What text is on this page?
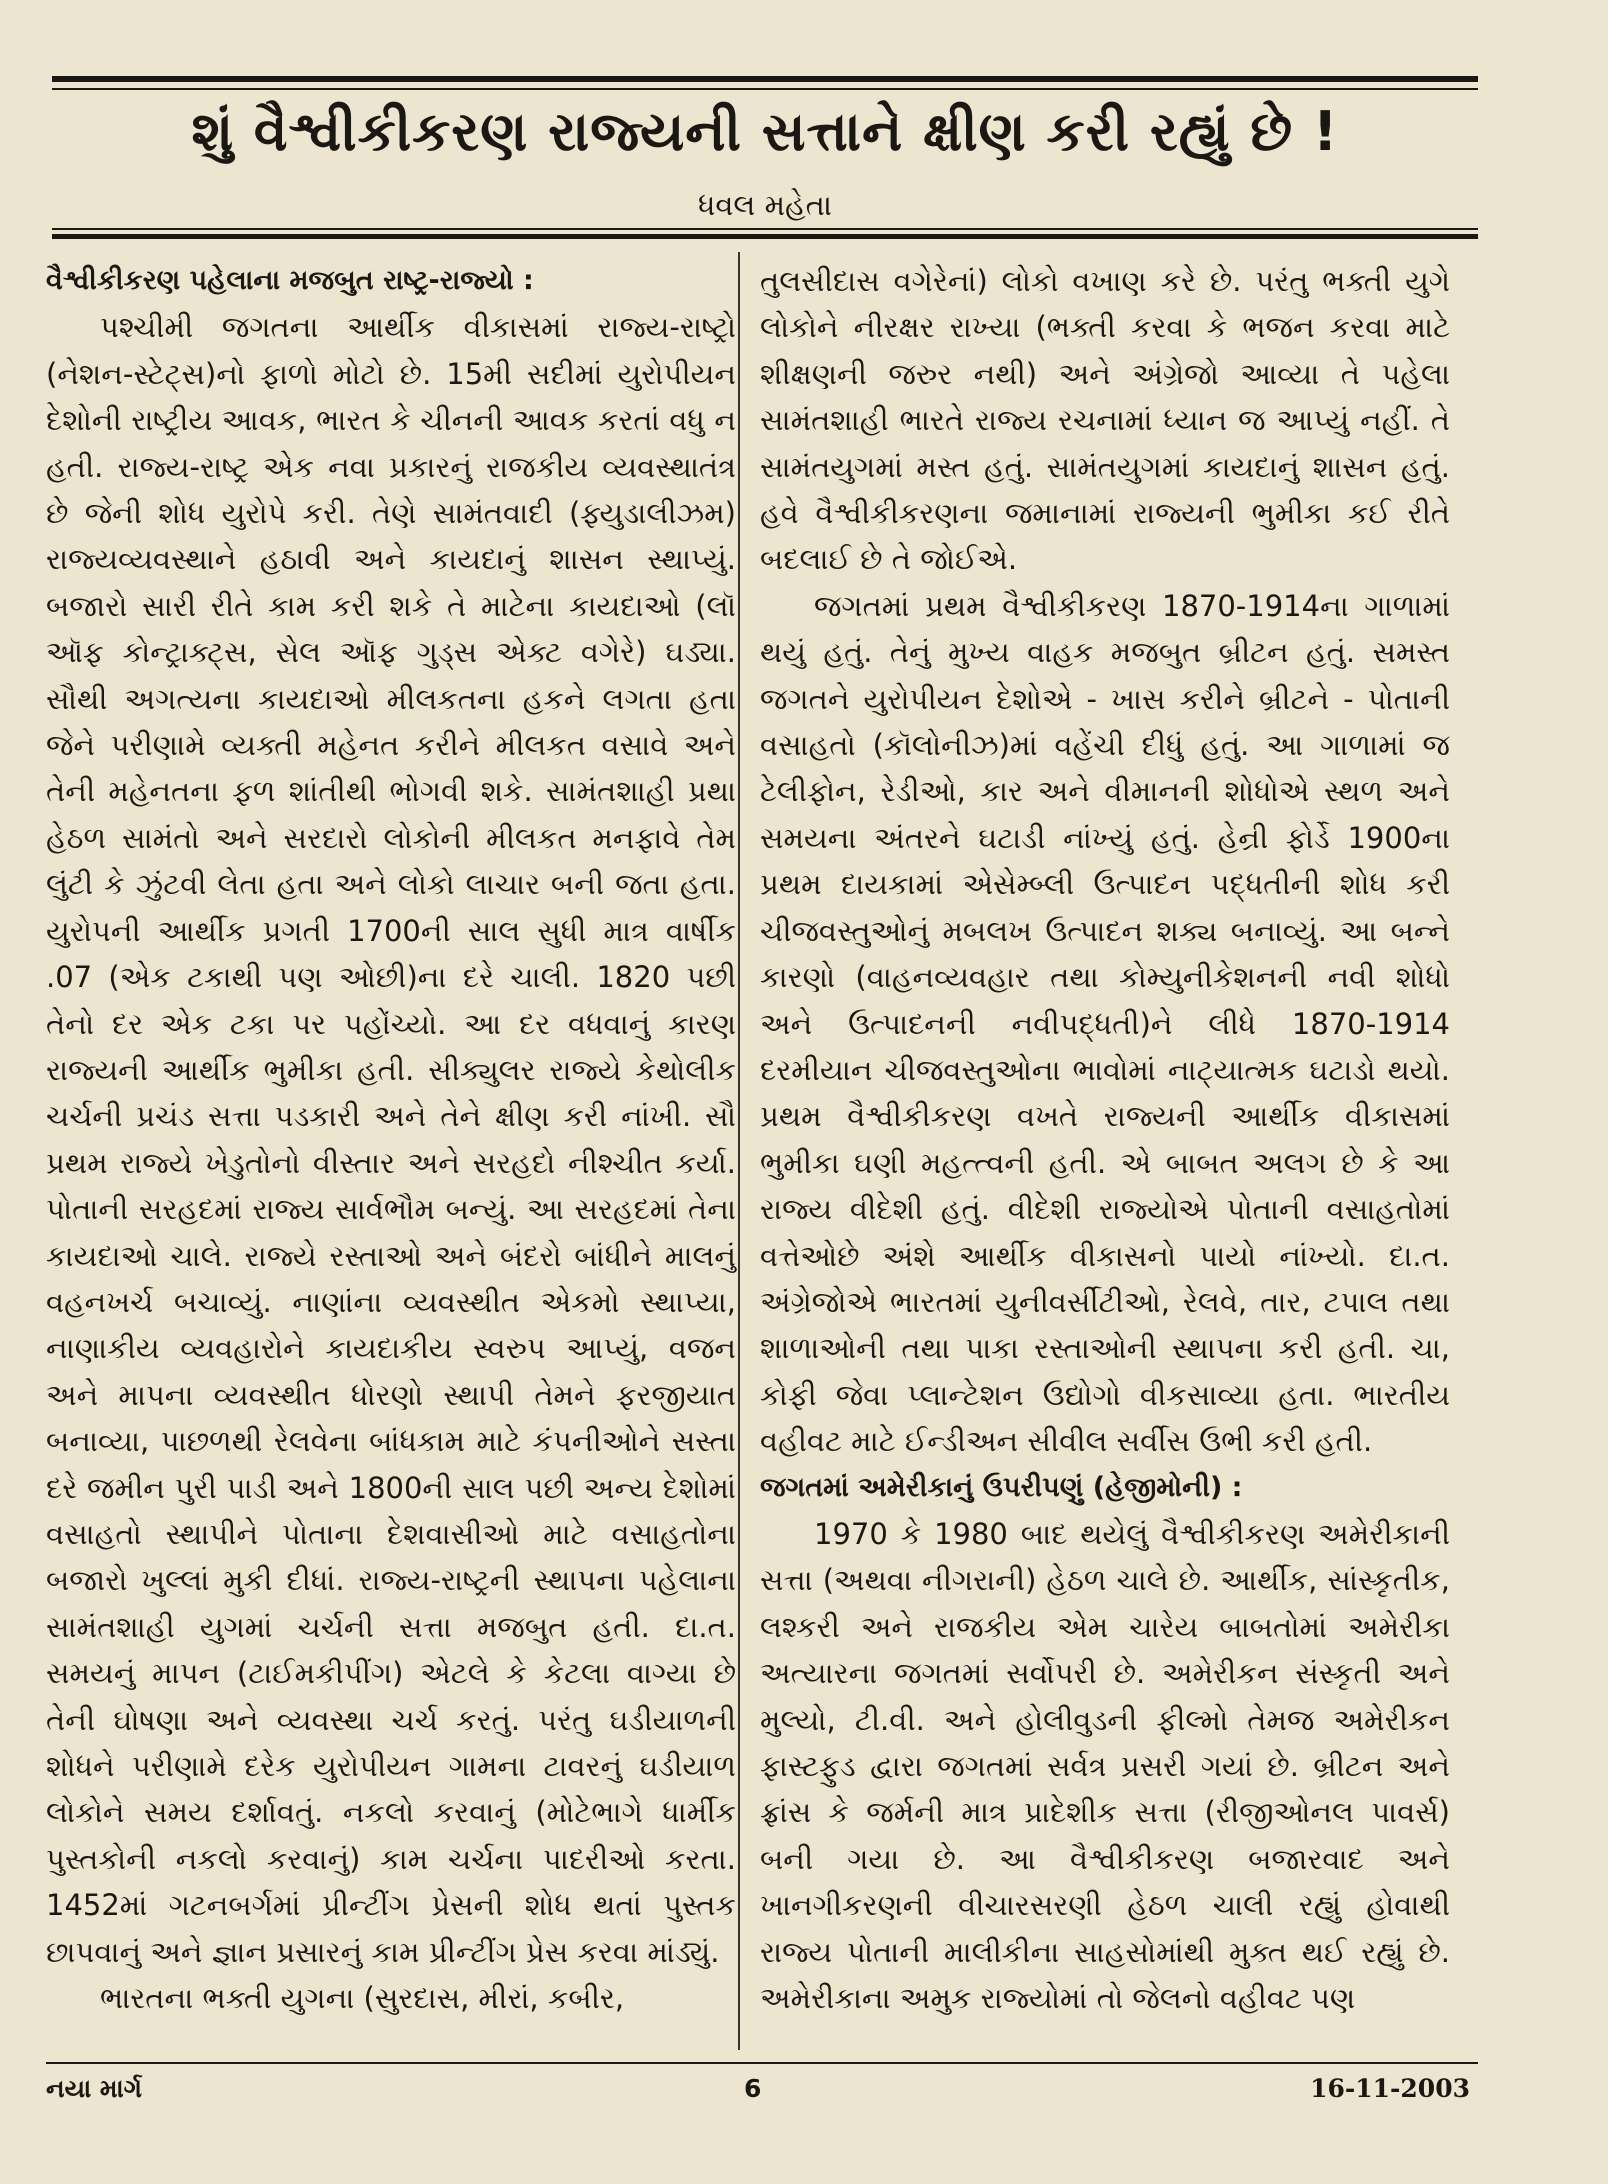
શું વૈશ્વીકીકરણ રાજ્યની સત્તાને ક્ષીણ કરી રહ્યું છે !
ધવલ મહેતા

વૈશ્વીકીકરણ પહેલાના મજબુત રાષ્ટ્ર-રાજ્યો :

પશ્ચીમી જગતના આર્થીક વીકાસમાં રાજ્ય-રાષ્ટ્રો (નેશન-સ્ટેટ્સ)નો ફાળો મોટો છે. 15મી સદીમાં યુરોપીયન દેશોની રાષ્ટ્રીય આવક, ભારત કે ચીનની આવક કરતાં વધુ ન હતી. રાજ્ય-રાષ્ટ્ર એક નવા પ્રકારનું રાજકીય વ્યવસ્થાતંત્ર છે જેની શોધ યુરોપે કરી. તેણે સામંતવાદી (ફ્યુડાલીઝમ) રાજ્યવ્યવસ્થાને હઠાવી અને કાયદાનું શાસન સ્થાપ્યું. બજારો સારી રીતે કામ કરી શકે તે માટેના કાયદાઓ (લૉ ઑફ કોન્ટ્રાક્ટ્સ, સેલ ઑફ ગુડ્સ એક્ટ વગેરે) ઘડ્યા. સૌથી અગત્યના કાયદાઓ મીલકતના હકને લગતા હતા જેને પરીણામે વ્યક્તી મહેનત કરીને મીલકત વસાવે અને તેની મહેનતના ફળ શાંતીથી ભોગવી શકે. સામંતશાહી પ્રથા હેઠળ સામંતો અને સરદારો લોકોની મીલકત મનફાવે તેમ લુંટી કે ઝુંટવી લેતા હતા અને લોકો લાચાર બની જતા હતા. યુરોપની આર્થીક પ્રગતી 1700ની સાલ સુધી માત્ર વાર્ષીક .07 (એક ટકાથી પણ ઓછી)ના દરે ચાલી. 1820 પછી તેનો દર એક ટકા પર પહોંચ્યો. આ દર વધવાનું કારણ રાજ્યની આર્થીક ભુમીકા હતી. સીક્યુલર રાજ્યે કેથોલીક ચર્ચની પ્રચંડ સત્તા પડકારી અને તેને ક્ષીણ કરી નાંખી. સૌ પ્રથમ રાજ્યે ખેડુતોનો વીસ્તાર અને સરહદો નીશ્ચીત કર્યા. પોતાની સરહદમાં રાજ્ય સાર્વભૌમ બન્યું. આ સરહદમાં તેના કાયદાઓ ચાલે. રાજ્યે રસ્તાઓ અને બંદરો બાંધીને માલનું વહનખર્ચ બચાવ્યું. નાણાંના વ્યવસ્થીત એકમો સ્થાપ્યા, નાણાકીય વ્યવહારોને કાયદાકીય સ્વરુપ આપ્યું, વજન અને માપના વ્યવસ્થીત ધોરણો સ્થાપી તેમને ફરજીયાત બનાવ્યા, પાછળથી રેલવેના બાંધકામ માટે કંપનીઓને સસ્તા દરે જમીન પુરી પાડી અને 1800ની સાલ પછી અન્ય દેશોમાં વસાહતો સ્થાપીને પોતાના દેશવાસીઓ માટે વસાહતોના બજારો ખુલ્લાં મુકી દીધાં. રાજ્ય-રાષ્ટ્રની સ્થાપના પહેલાના સામંતશાહી યુગમાં ચર્ચની સત્તા મજબુત હતી. દા.ત. સમયનું માપન (ટાઈમકીપીંગ) એટલે કે કેટલા વાગ્યા છે તેની ઘોષણા અને વ્યવસ્થા ચર્ચ કરતું. પરંતુ ઘડીયાળની શોધને પરીણામે દરેક યુરોપીયન ગામના ટાવરનું ઘડીયાળ લોકોને સમય દર્શાવતું. નકલો કરવાનું (મોટેભાગે ધાર્મીક પુસ્તકોની નકલો કરવાનું) કામ ચર્ચના પાદરીઓ કરતા. 1452માં ગટનબર્ગમાં પ્રીન્ટીંગ પ્રેસની શોધ થતાં પુસ્તક છાપવાનું અને જ્ઞાન પ્રસારનું કામ પ્રીન્ટીંગ પ્રેસ કરવા માંડ્યું.

ભારતના ભક્તી યુગના (સુરદાસ, મીરાં, કબીર,

તુલસીદાસ વગેરેનાં) લોકો વખાણ કરે છે. પરંતુ ભક્તી યુગે લોકોને નીરક્ષર રાખ્યા (ભક્તી કરવા કે ભજન કરવા માટે શીક્ષણની જરુર નથી) અને અંગ્રેજો આવ્યા તે પહેલા સામંતશાહી ભારતે રાજ્ય રચનામાં ધ્યાન જ આપ્યું નહીં. તે સામંતયુગમાં મસ્ત હતું. સામંતયુગમાં કાયદાનું શાસન હતું. હવે વૈશ્વીકીકરણના જમાનામાં રાજ્યની ભુમીકા કઈ રીતે બદલાઈ છે તે જોઈએ.

જગતમાં પ્રથમ વૈશ્વીકીકરણ 1870-1914ના ગાળામાં થયું હતું. તેનું મુખ્ય વાહક મજબુત બ્રીટન હતું. સમસ્ત જગતને યુરોપીયન દેશોએ - ખાસ કરીને બ્રીટને - પોતાની વસાહતો (કૉલોનીઝ)માં વહેંચી દીધું હતું. આ ગાળામાં જ ટેલીફોન, રેડીઓ, કાર અને વીમાનની શોધોએ સ્થળ અને સમયના અંતરને ઘટાડી નાંખ્યું હતું. હેન્રી ફોર્ડે 1900ના પ્રથમ દાયકામાં એસેમ્બ્લી ઉત્પાદન પદ્ધતીની શોધ કરી ચીજવસ્તુઓનું મબલખ ઉત્પાદન શક્ય બનાવ્યું. આ બન્ને કારણો (વાહનવ્યવહાર તથા કોમ્યુનીકેશનની નવી શોધો અને ઉત્પાદનની નવીપદ્ધતી)ને લીધે 1870-1914 દરમીયાન ચીજવસ્તુઓના ભાવોમાં નાટ્યાત્મક ઘટાડો થયો. પ્રથમ વૈશ્વીકીકરણ વખતે રાજ્યની આર્થીક વીકાસમાં ભુમીકા ઘણી મહત્ત્વની હતી. એ બાબત અલગ છે કે આ રાજ્ય વીદેશી હતું. વીદેશી રાજ્યોએ પોતાની વસાહતોમાં વત્તેઓછે અંશે આર્થીક વીકાસનો પાયો નાંખ્યો. દા.ત. અંગ્રેજોએ ભારતમાં યુનીવર્સીટીઓ, રેલવે, તાર, ટપાલ તથા શાળાઓની તથા પાકા રસ્તાઓની સ્થાપના કરી હતી. ચા, કોફી જેવા પ્લાન્ટેશન ઉદ્યોગો વીકસાવ્યા હતા. ભારતીય વહીવટ માટે ઈન્ડીઅન સીવીલ સર્વીસ ઉભી કરી હતી.

જગતમાં અમેરીકાનું ઉપરીપણું (હેજીમોની) :

1970 કે 1980 બાદ થયેલું વૈશ્વીકીકરણ અમેરીકાની સત્તા (અથવા નીગરાની) હેઠળ ચાલે છે. આર્થીક, સાંસ્કૃતીક, લશ્કરી અને રાજકીય એમ ચારેય બાબતોમાં અમેરીકા અત્યારના જગતમાં સર્વોપરી છે. અમેરીકન સંસ્કૃતી અને મુલ્યો, ટી.વી. અને હોલીવુડની ફીલ્મો તેમજ અમેરીકન ફાસ્ટફુડ દ્વારા જગતમાં સર્વત્ર પ્રસરી ગયાં છે. બ્રીટન અને ફ્રાંસ કે જર્મની માત્ર પ્રાદેશીક સત્તા (રીજીઓનલ પાવર્સ) બની ગયા છે. આ વૈશ્વીકીકરણ બજારવાદ અને ખાનગીકરણની વીચારસરણી હેઠળ ચાલી રહ્યું હોવાથી રાજ્ય પોતાની માલીકીના સાહસોમાંથી મુક્ત થઈ રહ્યું છે. અમેરીકાના અમુક રાજ્યોમાં તો જેલનો વહીવટ પણ

નયા માર્ગ	6	16-11-2003
